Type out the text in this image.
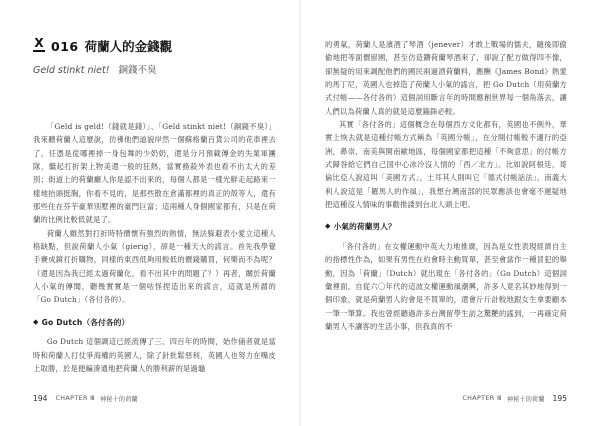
X 016 荷蘭人的金錢觀
Geld stinkt niet! 銅錢不臭

「Geld is geld!（錢就是錢）」、「Geld stinkt niet!（銅錢不臭）」我來聽荷蘭人這麼說，彷彿他們道貌岸然一個蘇格蘭百貨公司的花車裡去了，任憑是從哪裡掉一身包舞的少奶奶，還是分月預載傳金的失業軍團隊，繼起打折架上物美還一般的狂熱，當實務殺外表也看不出太大的差別；街道上的荷蘭廳人你是認不出來的，每個人都是一樣光鮮走起路來一樣地抬頭挺胸，你看不見的，是那些散在倉滿都裡的真正的殼等人，還有那些住在芬芋豪華別墅裡的豪門巨富；這兩種人身個國家都有，只是在荷蘭的比例比較低就是了。

荷蘭人雖然對打折時特價懷有強烈的熱情，無法躲避表小愛立這種人格缺點，但說荷蘭人小氣（gierig），卻是一種天大的謊言。首先我學覺手賽成鏡打折購物，同樣的東西低夠用較低的價錢購買，何樂而不為呢？（還是因為我已經太過荷蘭化，看不出其中的問題了？）再者，關於荷蘭人小氣的傳聞，聽幾實實是一個咕怪捏造出來的謊言，這就是所謂的「Go Dutch」（各付各的）。

◆ Go Dutch（各付各的）

Go Dutch 這個調這已經流傳了三、四百年的時間，始作俑者就是當時和荷蘭人打仗爭海權的英國人，除了針批鬆惡利，英國人也努力在嘴皮上取勝，於是便編湊通地把荷蘭人的勝利薪的是過龜

194 CHAPTER Ⅲ 神秘十的荷蘭

的勇氣，荷蘭人是濱酒了琴酒（jenever）才敢上戰場的懦夫，隨後即偷偷地把等面價留國，甚至仿造鑽荷蘭琴酒來了，卻說了配方做得四不像，卻無疑的用來調配他們的國民兩過酒荷蘭料，應酬《James Bond》熱愛的馬丁尼，英國人也掉造了荷蘭人小氣的謠言，把 Go Dutch（用荷蘭方式付帳——各付各的）這個詞用斷言年的時間應創世界每一個角落去，讓人們以為荷蘭人真的就是這麼錙銖必較。

其實「各付各的」這個概念在每個西方文化都有，英國也不例外，華實上恢去就是這種付帳方式稱為「英國分帳」，在分開付帳較不適行的亞洲，鼻崇，南美與開南歐地區，每個國家都把這種「不夠意思」的付帳方式歸咎給它們自己国中心冰冷沒人情的「西／北方」。比如說阿根廷，哥倫比亞人說這叫「美國方式」，土耳其人則叫它「德式付帳話法」，南義大利人說這是「羅馬人的作風」，我想台灣南部的民眾應該也會毫不遲疑地把這種沒人情味的事勸推諉到台北人頭上吧。

◆ 小氣的荷蘭男人？

「各付各的」在女權運動中英大力地推廣，因為是女性表現經濟自主的指標性作為，如果有男性在約會時主動買單，甚至會當作一種冒犯的舉動，因為「荷蘭」（Dutch）就出現在「各付各的」（Go Dutch）這個詞彙裡面，自從六〇年代的這波女權運動風潮興，許多人竟名其妙地得到一個印象，就是荷蘭男人約會是不買單的，還會斤斤計較地跟女生拿要顧本一筆一筆算。我也曾經聽過許多台灣留學生訪之驚艷的謠到，一再確定荷蘭男人不讓客的生活小事，但我真的不

CHAPTER Ⅲ 神秘十的荷蘭 195
